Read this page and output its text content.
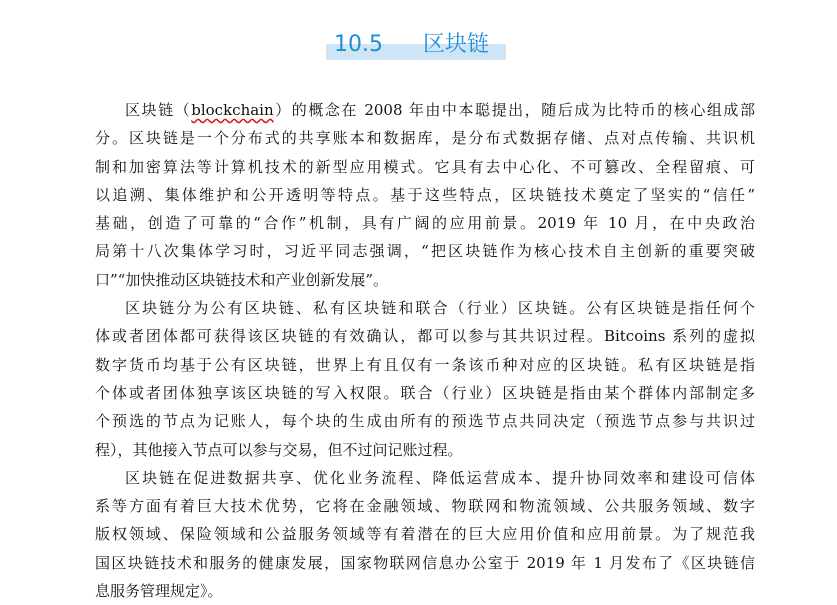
10.5 区块链
区块链（blockchain）的概念在 2008 年由中本聪提出，随后成为比特币的核心组成部
分。区块链是一个分布式的共享账本和数据库，是分布式数据存储、点对点传输、共识机
制和加密算法等计算机技术的新型应用模式。它具有去中心化、不可篡改、全程留痕、可
以追溯、集体维护和公开透明等特点。基于这些特点，区块链技术奠定了坚实的“信任”
基础，创造了可靠的“合作”机制，具有广阔的应用前景。2019 年 10 月，在中央政治
局第十八次集体学习时，习近平同志强调，“把区块链作为核心技术自主创新的重要突破
口”“加快推动区块链技术和产业创新发展”。
区块链分为公有区块链、私有区块链和联合（行业）区块链。公有区块链是指任何个
体或者团体都可获得该区块链的有效确认，都可以参与其共识过程。Bitcoins 系列的虚拟
数字货币均基于公有区块链，世界上有且仅有一条该币种对应的区块链。私有区块链是指
个体或者团体独享该区块链的写入权限。联合（行业）区块链是指由某个群体内部制定多
个预选的节点为记账人，每个块的生成由所有的预选节点共同决定（预选节点参与共识过
程），其他接入节点可以参与交易，但不过问记账过程。
区块链在促进数据共享、优化业务流程、降低运营成本、提升协同效率和建设可信体
系等方面有着巨大技术优势，它将在金融领域、物联网和物流领域、公共服务领域、数字
版权领域、保险领域和公益服务领域等有着潜在的巨大应用价值和应用前景。为了规范我
国区块链技术和服务的健康发展，国家物联网信息办公室于 2019 年 1 月发布了《区块链信
息服务管理规定》。
